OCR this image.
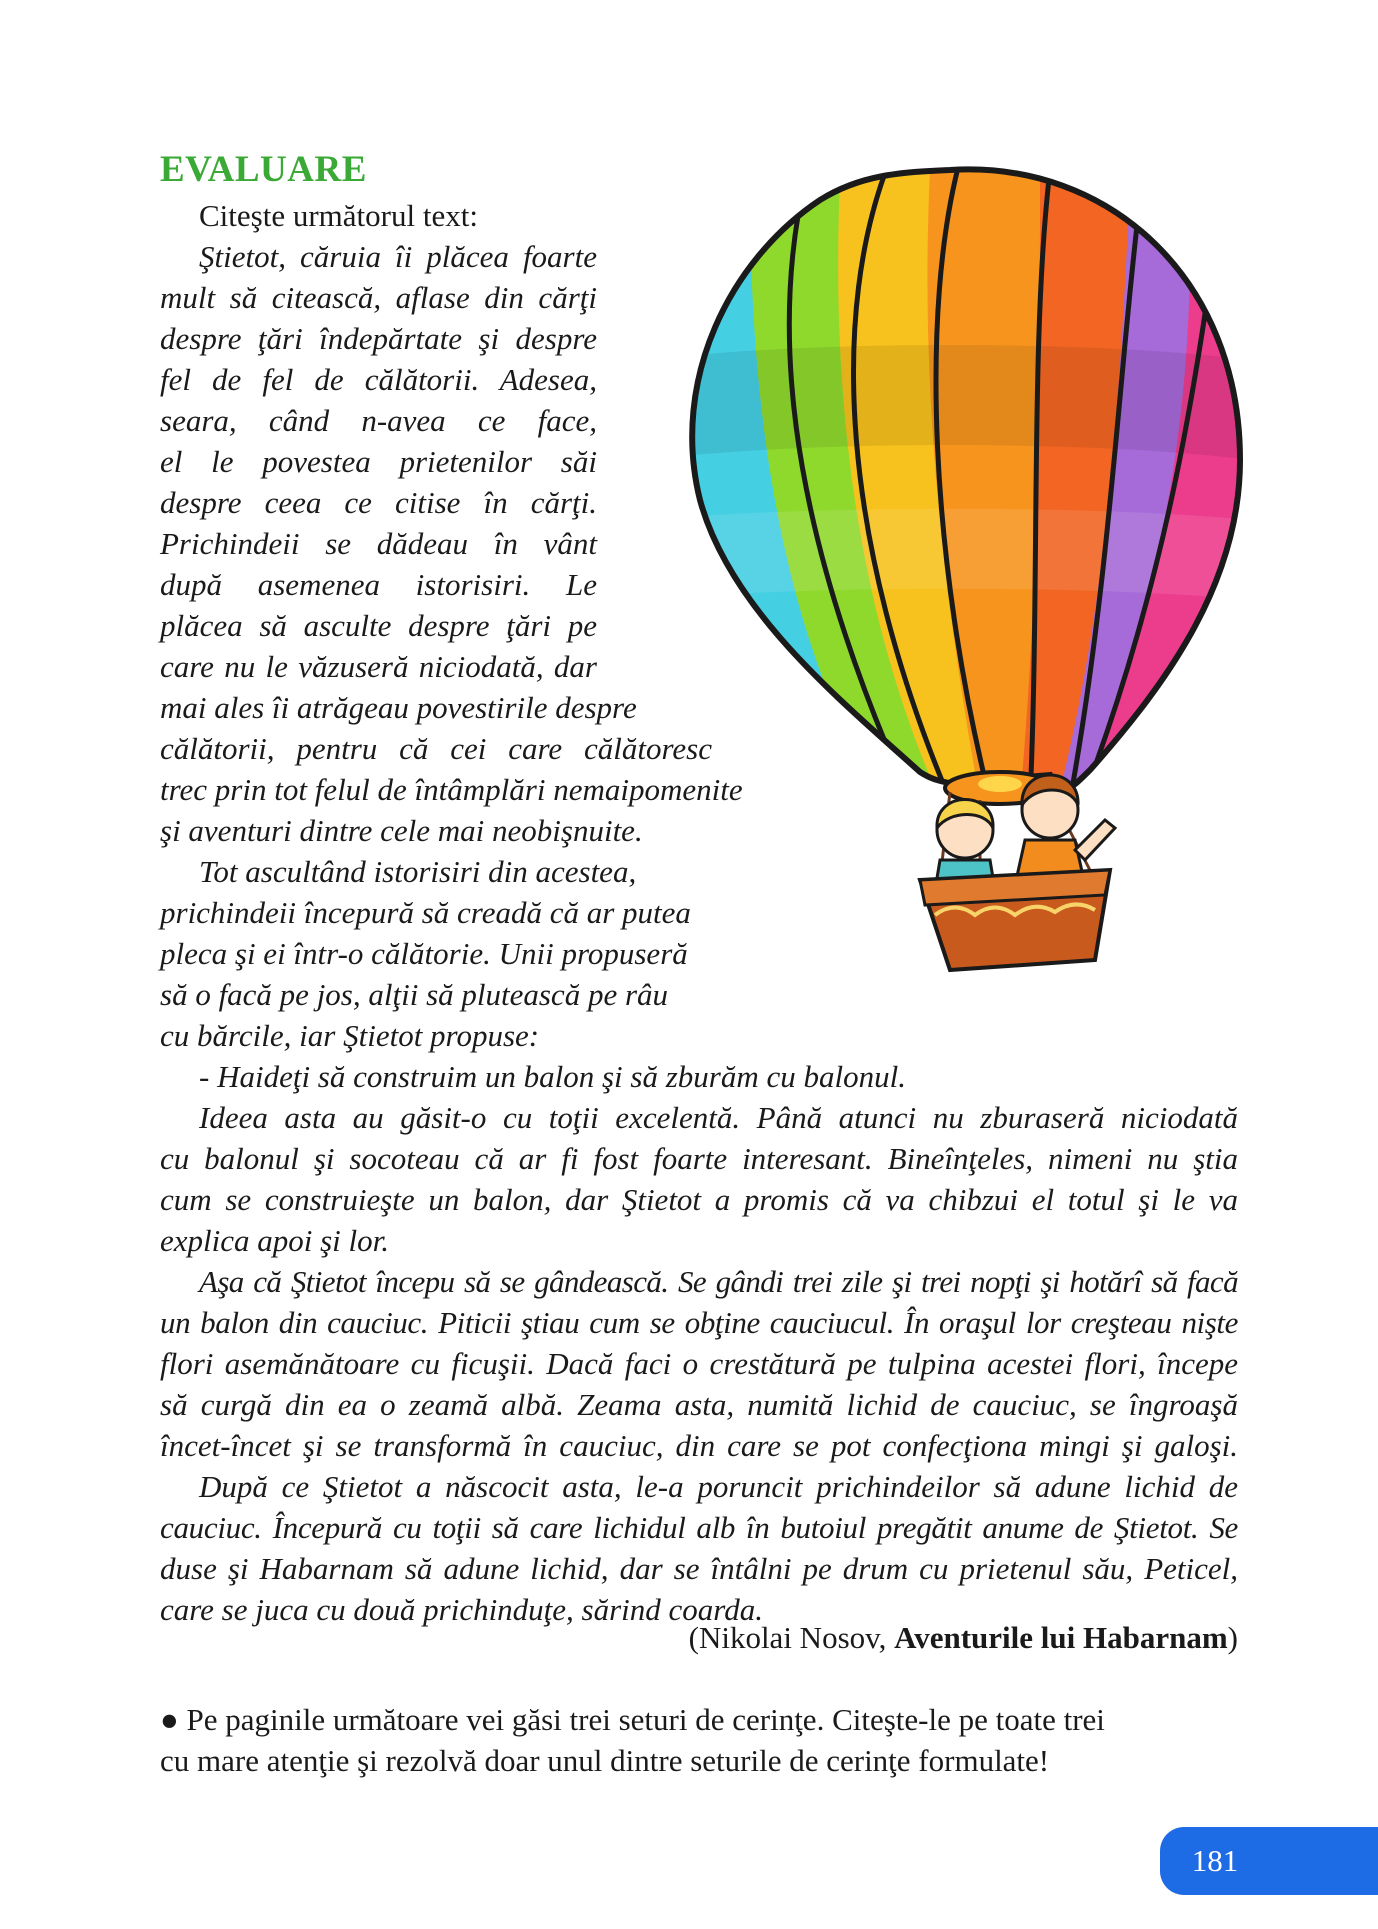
EVALUARE

Citeşte următorul text:

Ştietot, căruia îi plăcea foarte

mult să citească, aflase din cărţi

despre ţări îndepărtate şi despre

fel de fel de călătorii. Adesea,

seara, când n-avea ce face,

el le povestea prietenilor săi

despre ceea ce citise în cărţi.

Prichindeii se dădeau în vânt

după asemenea istorisiri. Le

plăcea să asculte despre ţări pe

care nu le văzuseră niciodată, dar

mai ales îi atrăgeau povestirile despre

călătorii, pentru că cei care călătoresc

trec prin tot felul de întâmplări nemaipomenite

şi aventuri dintre cele mai neobişnuite.

Tot ascultând istorisiri din acestea,

prichindeii începură să creadă că ar putea

pleca şi ei într-o călătorie. Unii propuseră

să o facă pe jos, alţii să plutească pe râu

cu bărcile, iar Ştietot propuse:

- Haideţi să construim un balon şi să zburăm cu balonul.

Ideea asta au găsit-o cu toţii excelentă. Până atunci nu zburaseră niciodată

cu balonul şi socoteau că ar fi fost foarte interesant. Bineînţeles, nimeni nu ştia

cum se construieşte un balon, dar Ştietot a promis că va chibzui el totul şi le va

explica apoi şi lor.

Aşa că Ştietot începu să se gândească. Se gândi trei zile şi trei nopţi şi hotărî să facă

un balon din cauciuc. Piticii ştiau cum se obţine cauciucul. În oraşul lor creşteau nişte

flori asemănătoare cu ficuşii. Dacă faci o crestătură pe tulpina acestei flori, începe

să curgă din ea o zeamă albă. Zeama asta, numită lichid de cauciuc, se îngroaşă

încet-încet şi se transformă în cauciuc, din care se pot confecţiona mingi şi galoşi.

După ce Ştietot a născocit asta, le-a poruncit prichindeilor să adune lichid de

cauciuc. Începură cu toţii să care lichidul alb în butoiul pregătit anume de Ştietot. Se

duse şi Habarnam să adune lichid, dar se întâlni pe drum cu prietenul său, Peticel,

care se juca cu două prichinduţe, sărind coarda.

(Nikolai Nosov, Aventurile lui Habarnam)

● Pe paginile următoare vei găsi trei seturi de cerinţe. Citeşte-le pe toate trei

cu mare atenţie şi rezolvă doar unul dintre seturile de cerinţe formulate!

181
